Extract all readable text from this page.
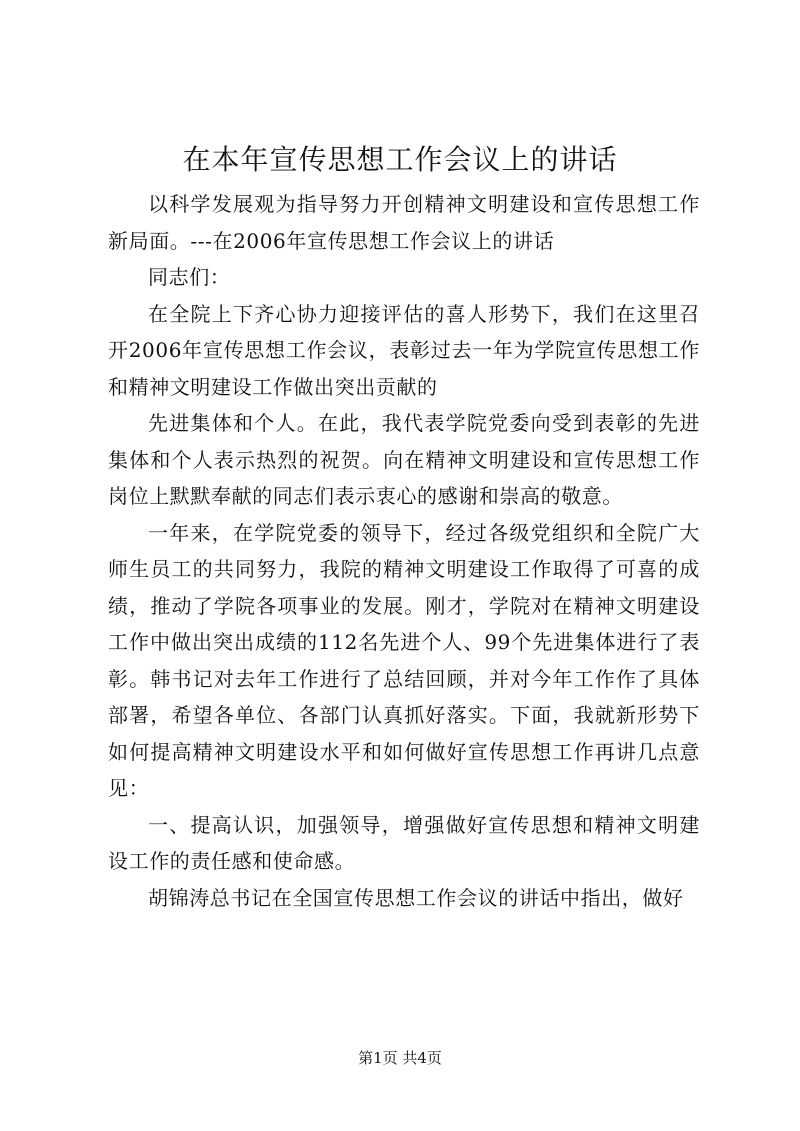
在本年宣传思想工作会议上的讲话

以科学发展观为指导努力开创精神文明建设和宣传思想工作新局面。---在2006年宣传思想工作会议上的讲话

同志们：

在全院上下齐心协力迎接评估的喜人形势下，我们在这里召开2006年宣传思想工作会议，表彰过去一年为学院宣传思想工作和精神文明建设工作做出突出贡献的

先进集体和个人。在此，我代表学院党委向受到表彰的先进集体和个人表示热烈的祝贺。向在精神文明建设和宣传思想工作岗位上默默奉献的同志们表示衷心的感谢和崇高的敬意。

一年来，在学院党委的领导下，经过各级党组织和全院广大师生员工的共同努力，我院的精神文明建设工作取得了可喜的成绩，推动了学院各项事业的发展。刚才，学院对在精神文明建设工作中做出突出成绩的112名先进个人、99个先进集体进行了表彰。韩书记对去年工作进行了总结回顾，并对今年工作作了具体部署，希望各单位、各部门认真抓好落实。下面，我就新形势下如何提高精神文明建设水平和如何做好宣传思想工作再讲几点意见：

一、提高认识，加强领导，增强做好宣传思想和精神文明建设工作的责任感和使命感。

胡锦涛总书记在全国宣传思想工作会议的讲话中指出，做好

第1页 共4页
